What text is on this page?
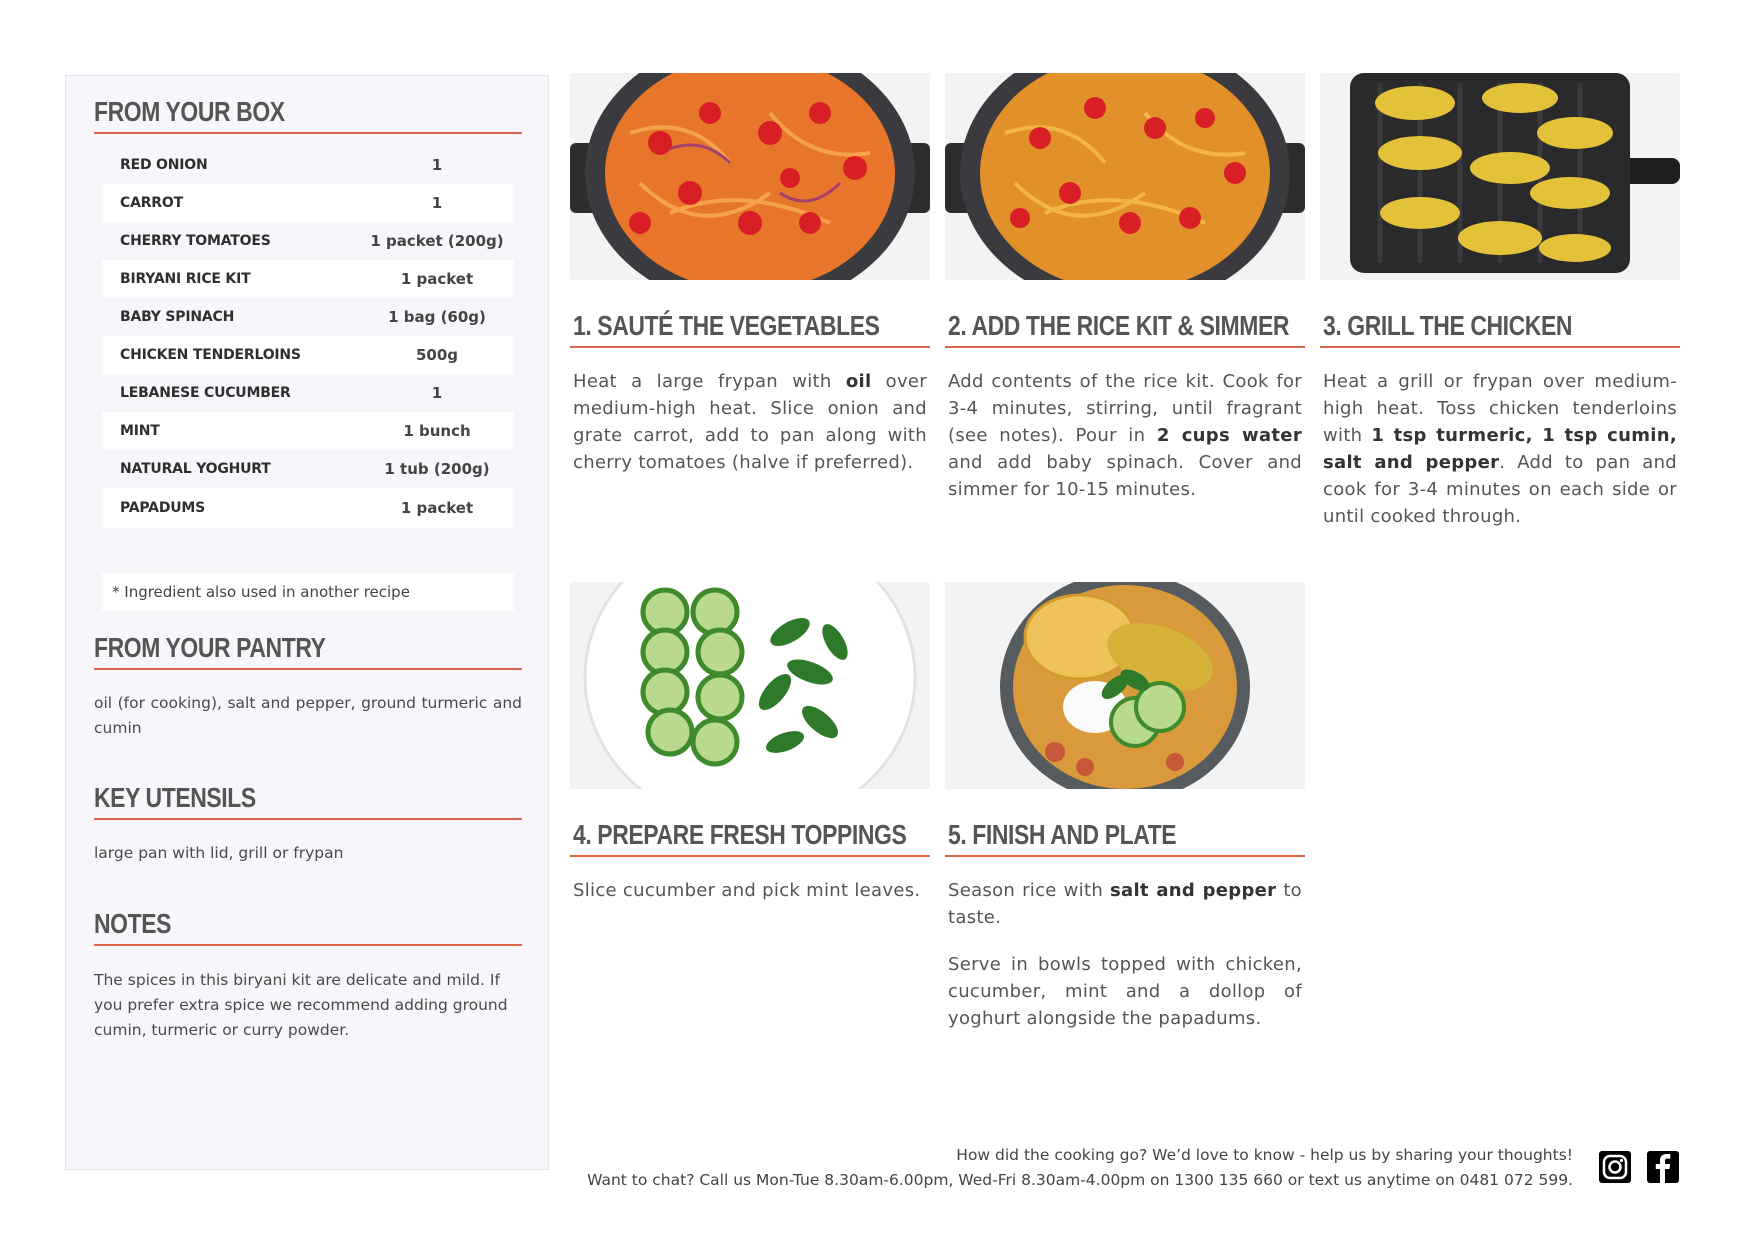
FROM YOUR BOX
RED ONION	1
CARROT	1
CHERRY TOMATOES	1 packet (200g)
BIRYANI RICE KIT	1 packet
BABY SPINACH	1 bag (60g)
CHICKEN TENDERLOINS	500g
LEBANESE CUCUMBER	1
MINT	1 bunch
NATURAL YOGHURT	1 tub (200g)
PAPADUMS	1 packet
* Ingredient also used in another recipe
FROM YOUR PANTRY
oil (for cooking), salt and pepper, ground turmeric and cumin
KEY UTENSILS
large pan with lid, grill or frypan
NOTES
The spices in this biryani kit are delicate and mild. If you prefer extra spice we recommend adding ground cumin, turmeric or curry powder.
1. SAUTÉ THE VEGETABLES

Heat a large frypan with oil over medium-high heat. Slice onion and grate carrot, add to pan along with cherry tomatoes (halve if preferred).

2. ADD THE RICE KIT & SIMMER

Add contents of the rice kit. Cook for 3-4 minutes, stirring, until fragrant (see notes). Pour in 2 cups water and add baby spinach. Cover and simmer for 10-15 minutes.

3. GRILL THE CHICKEN

Heat a grill or frypan over medium-high heat. Toss chicken tenderloins with 1 tsp turmeric, 1 tsp cumin, salt and pepper. Add to pan and cook for 3-4 minutes on each side or until cooked through.

4. PREPARE FRESH TOPPINGS

Slice cucumber and pick mint leaves.

5. FINISH AND PLATE

Season rice with salt and pepper to taste.

Serve in bowls topped with chicken, cucumber, mint and a dollop of yoghurt alongside the papadums.

How did the cooking go? We’d love to know - help us by sharing your thoughts!
Want to chat? Call us Mon-Tue 8.30am-6.00pm, Wed-Fri 8.30am-4.00pm on 1300 135 660 or text us anytime on 0481 072 599.
